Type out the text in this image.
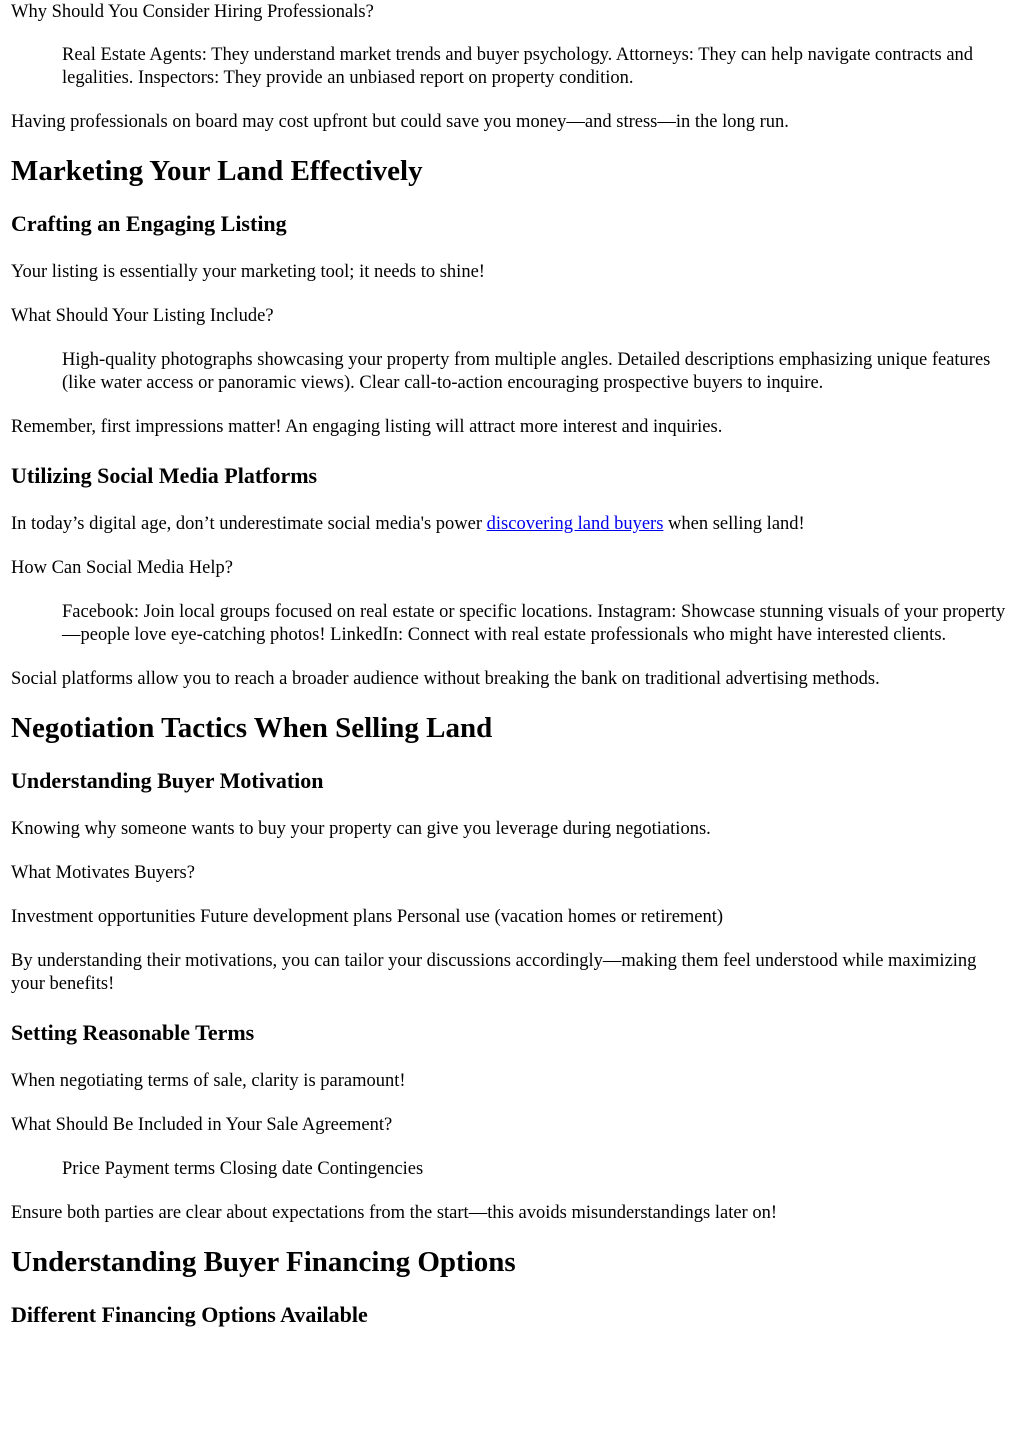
Why Should You Consider Hiring Professionals?

Real Estate Agents: They understand market trends and buyer psychology. Attorneys: They can help navigate contracts and legalities. Inspectors: They provide an unbiased report on property condition.

Having professionals on board may cost upfront but could save you money—and stress—in the long run.

Marketing Your Land Effectively
Crafting an Engaging Listing

Your listing is essentially your marketing tool; it needs to shine!

What Should Your Listing Include?

High-quality photographs showcasing your property from multiple angles. Detailed descriptions emphasizing unique features (like water access or panoramic views). Clear call-to-action encouraging prospective buyers to inquire.

Remember, first impressions matter! An engaging listing will attract more interest and inquiries.

Utilizing Social Media Platforms

In today’s digital age, don’t underestimate social media's power discovering land buyers when selling land!

How Can Social Media Help?

Facebook: Join local groups focused on real estate or specific locations. Instagram: Showcase stunning visuals of your property—people love eye-catching photos! LinkedIn: Connect with real estate professionals who might have interested clients.

Social platforms allow you to reach a broader audience without breaking the bank on traditional advertising methods.

Negotiation Tactics When Selling Land
Understanding Buyer Motivation

Knowing why someone wants to buy your property can give you leverage during negotiations.

What Motivates Buyers?

Investment opportunities Future development plans Personal use (vacation homes or retirement)

By understanding their motivations, you can tailor your discussions accordingly—making them feel understood while maximizing your benefits!

Setting Reasonable Terms

When negotiating terms of sale, clarity is paramount!

What Should Be Included in Your Sale Agreement?

Price Payment terms Closing date Contingencies

Ensure both parties are clear about expectations from the start—this avoids misunderstandings later on!

Understanding Buyer Financing Options
Different Financing Options Available
